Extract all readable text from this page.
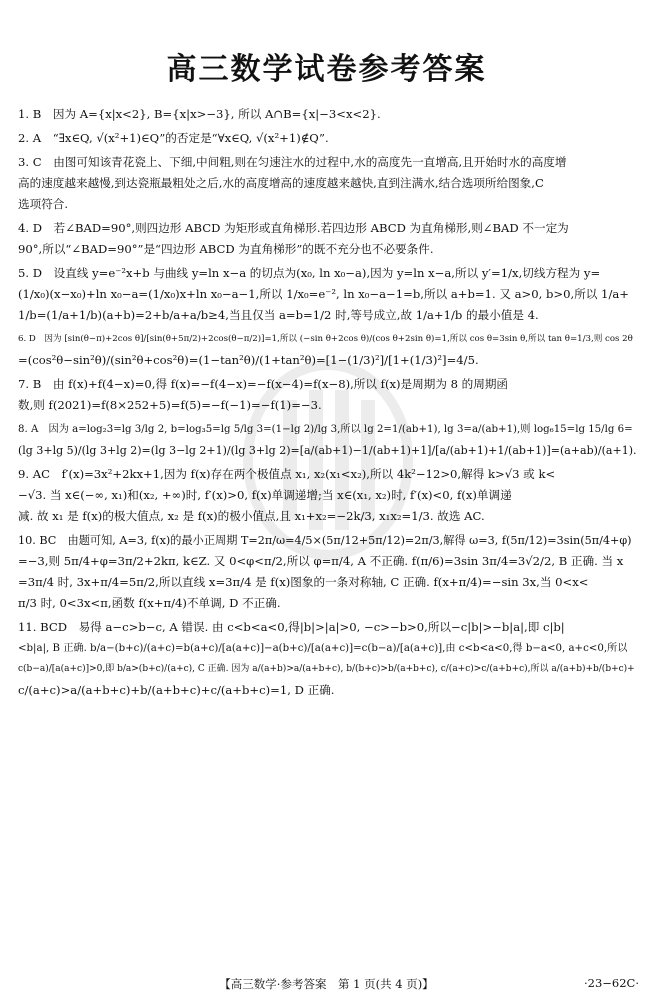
高三数学试卷参考答案
1. B　因为 A={x|x<2}, B={x|x>−3}, 所以 A∩B={x|−3<x<2}.
2. A　“∃x∈Q, √(x²+1)∈Q”的否定是“∀x∈Q, √(x²+1)∉Q”.
3. C　由图可知该青花瓷上、下细,中间粗,则在匀速注水的过程中,水的高度先一直增高,且开始时水的高度增
高的速度越来越慢,到达瓷瓶最粗处之后,水的高度增高的速度越来越快,直到注满水,结合选项所给图象,C
选项符合.
4. D　若∠BAD=90°,则四边形 ABCD 为矩形或直角梯形.若四边形 ABCD 为直角梯形,则∠BAD 不一定为
90°,所以“∠BAD=90°”是“四边形 ABCD 为直角梯形”的既不充分也不必要条件.
5. D　设直线 y=e⁻²x+b 与曲线 y=ln x−a 的切点为(x₀, ln x₀−a),因为 y=ln x−a,所以 y′=1/x,切线方程为 y=
(1/x₀)(x−x₀)+ln x₀−a=(1/x₀)x+ln x₀−a−1,所以 1/x₀=e⁻², ln x₀−a−1=b,所以 a+b=1. 又 a>0, b>0,所以 1/a+
1/b=(1/a+1/b)(a+b)=2+b/a+a/b≥4,当且仅当 a=b=1/2 时,等号成立,故 1/a+1/b 的最小值是 4.
6. D　因为 [sin(θ−π)+2cos θ]/[sin(θ+5π/2)+2cos(θ−π/2)]=1,所以 (−sin θ+2cos θ)/(cos θ+2sin θ)=1,所以 cos θ=3sin θ,所以 tan θ=1/3,则 cos 2θ
=(cos²θ−sin²θ)/(sin²θ+cos²θ)=(1−tan²θ)/(1+tan²θ)=[1−(1/3)²]/[1+(1/3)²]=4/5.
7. B　由 f(x)+f(4−x)=0,得 f(x)=−f(4−x)=−f(x−4)=f(x−8),所以 f(x)是周期为 8 的周期函
数,则 f(2021)=f(8×252+5)=f(5)=−f(−1)=−f(1)=−3.
8. A　因为 a=log₂3=lg 3/lg 2, b=log₃5=lg 5/lg 3=(1−lg 2)/lg 3,所以 lg 2=1/(ab+1), lg 3=a/(ab+1),则 log₆15=lg 15/lg 6=
(lg 3+lg 5)/(lg 3+lg 2)=(lg 3−lg 2+1)/(lg 3+lg 2)=[a/(ab+1)−1/(ab+1)+1]/[a/(ab+1)+1/(ab+1)]=(a+ab)/(a+1).
9. AC　f′(x)=3x²+2kx+1,因为 f(x)存在两个极值点 x₁, x₂(x₁<x₂),所以 4k²−12>0,解得 k>√3 或 k<
−√3. 当 x∈(−∞, x₁)和(x₂, +∞)时, f′(x)>0, f(x)单调递增;当 x∈(x₁, x₂)时, f′(x)<0, f(x)单调递
减. 故 x₁ 是 f(x)的极大值点, x₂ 是 f(x)的极小值点,且 x₁+x₂=−2k/3, x₁x₂=1/3. 故选 AC.
10. BC　由题可知, A=3, f(x)的最小正周期 T=2π/ω=4/5×(5π/12+5π/12)=2π/3,解得 ω=3, f(5π/12)=3sin(5π/4+φ)
=−3,则 5π/4+φ=3π/2+2kπ, k∈Z. 又 0<φ<π/2,所以 φ=π/4, A 不正确. f(π/6)=3sin 3π/4=3√2/2, B 正确. 当 x
=3π/4 时, 3x+π/4=5π/2,所以直线 x=3π/4 是 f(x)图象的一条对称轴, C 正确. f(x+π/4)=−sin 3x,当 0<x<
π/3 时, 0<3x<π,函数 f(x+π/4)不单调, D 不正确.
11. BCD　易得 a−c>b−c, A 错误. 由 c<b<a<0,得|b|>|a|>0, −c>−b>0,所以−c|b|>−b|a|,即 c|b|
<b|a|, B 正确. b/a−(b+c)/(a+c)=b(a+c)/[a(a+c)]−a(b+c)/[a(a+c)]=c(b−a)/[a(a+c)],由 c<b<a<0,得 b−a<0, a+c<0,所以
c(b−a)/[a(a+c)]>0,即 b/a>(b+c)/(a+c), C 正确. 因为 a/(a+b)>a/(a+b+c), b/(b+c)>b/(a+b+c), c/(a+c)>c/(a+b+c),所以 a/(a+b)+b/(b+c)+
c/(a+c)>a/(a+b+c)+b/(a+b+c)+c/(a+b+c)=1, D 正确.
【高三数学·参考答案　第 1 页(共 4 页)】	·23−62C·
